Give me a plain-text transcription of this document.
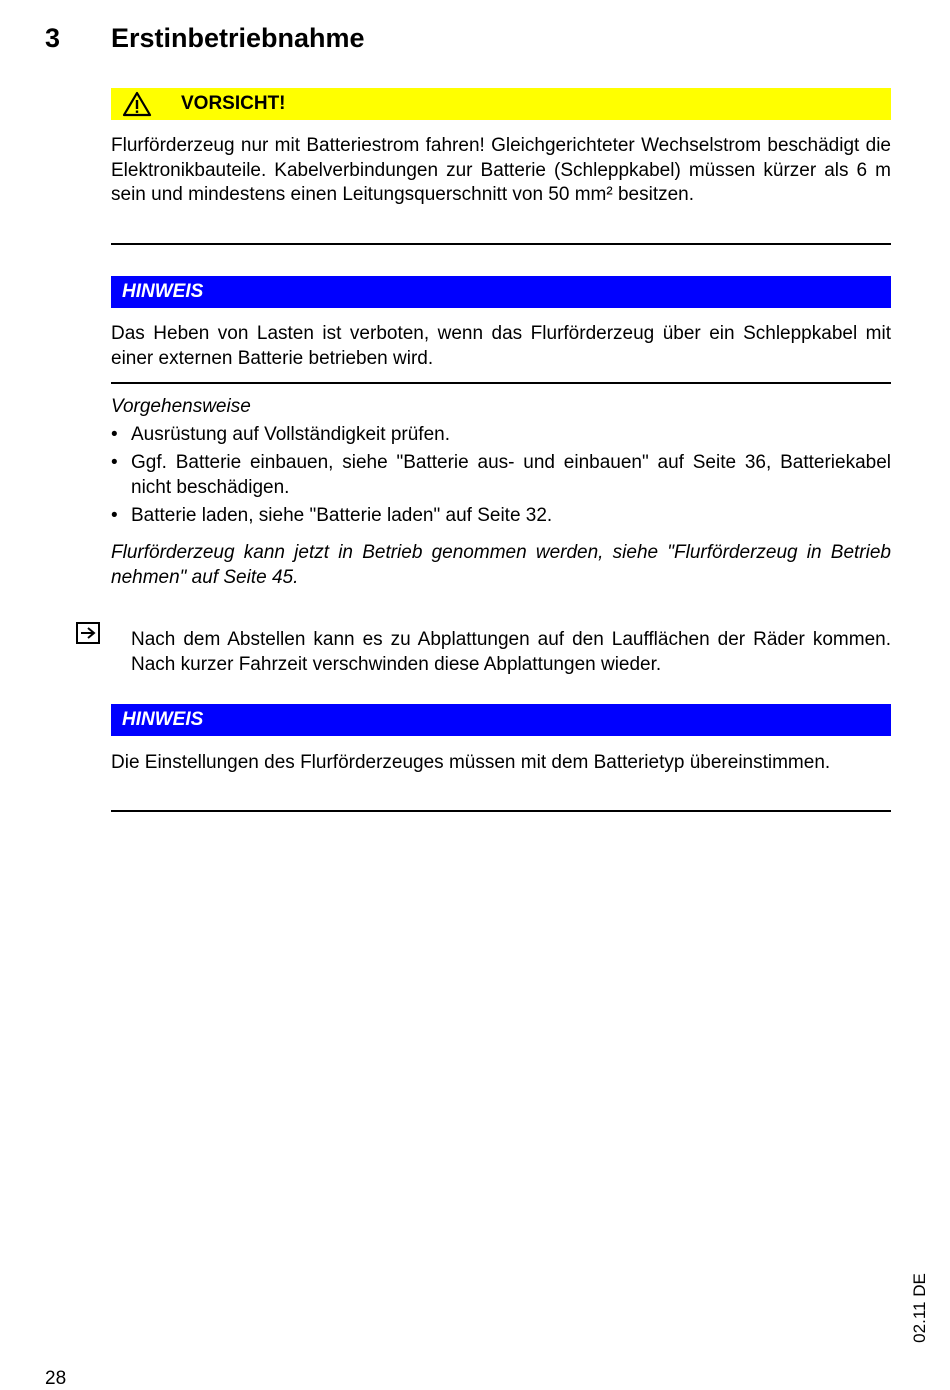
3 Erstinbetriebnahme
VORSICHT!

Flurförderzeug nur mit Batteriestrom fahren! Gleichgerichteter Wechselstrom beschädigt die Elektronikbauteile. Kabelverbindungen zur Batterie (Schleppkabel) müssen kürzer als 6 m sein und mindestens einen Leitungsquerschnitt von 50 mm² besitzen.

HINWEIS

Das Heben von Lasten ist verboten, wenn das Flurförderzeug über ein Schleppkabel mit einer externen Batterie betrieben wird.

Vorgehensweise

• Ausrüstung auf Vollständigkeit prüfen.
• Ggf. Batterie einbauen, siehe "Batterie aus- und einbauen" auf Seite 36, Batteriekabel nicht beschädigen.
• Batterie laden, siehe "Batterie laden" auf Seite 32.

Flurförderzeug kann jetzt in Betrieb genommen werden, siehe "Flurförderzeug in Betrieb nehmen" auf Seite 45.

Nach dem Abstellen kann es zu Abplattungen auf den Laufflächen der Räder kommen. Nach kurzer Fahrzeit verschwinden diese Abplattungen wieder.

HINWEIS

Die Einstellungen des Flurförderzeuges müssen mit dem Batterietyp übereinstimmen.

28
02.11 DE
